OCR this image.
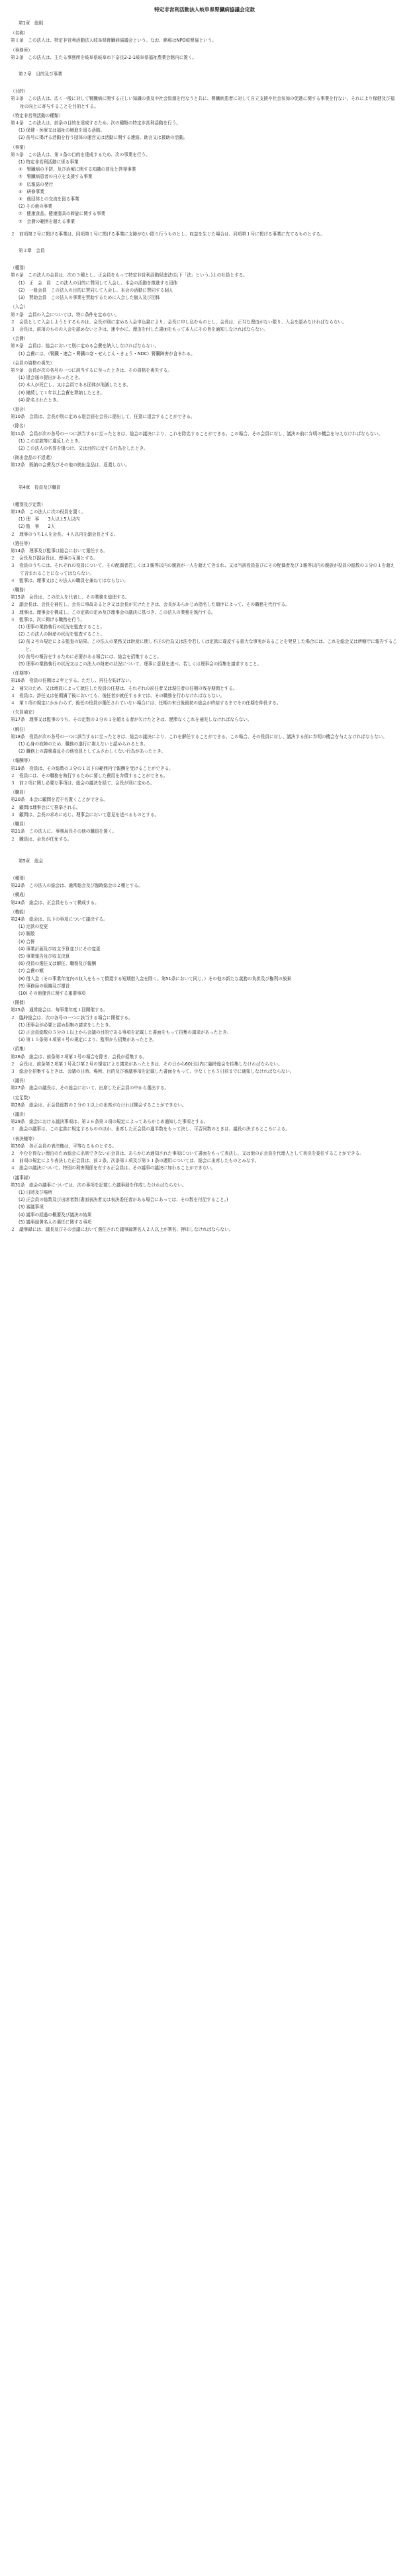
特定非営利活動法人岐阜県腎臓病協議会定款
第1章　総則
（名称）
第１条　この法人は、特定非営利活動法人岐阜県腎臓病協議会という。なお、略称はNPO岐腎協という。
（事務所）
第２条　この法人は、主たる事務所を岐阜県岐阜市下奈良2-2-1岐阜県福祉農業会館内に置く。
第２章　目的及び事業
（目的）
第３条　この法人は、広く一般に対して腎臓病に関する正しい知識の普及や社会資源を行なうと共に、腎臓病患者に対して自立支援や社会参加の促進に関する事業を行ない、それにより保健及び福祉の向上に寄与することを目的とする。
（特定非営利活動の種類）
第４条　この法人は、前条の目的を達成するため、次の種類の特定非営利活動を行う。
(1) 保健・医療又は福祉の増進を図る活動。
(2) 前号に掲げる活動を行う団体の運営又は活動に関する連絡、助言又は援助の活動。
（事業）
第５条　この法人は、第３条の目的を達成するため、次の事業を行う。
(1) 特定非営利活動に係る事業
①　腎臓病の予防、及び治療に関する知識の普及と啓発事業
②　腎臓病患者の自立を支援する事業
③　広報誌の発行
④　研修事業
⑤　他団体との交流を図る事業
(2) その他の事業
①　健康食品、健康器具の斡旋に関する事業
②　会費の範囲を超える事業
２　前項第２号に掲げる事業は、同項第１号に掲げる事業に支障がない限り行うものとし、収益を生じた場合は、同項第１号に掲げる事業に充てるものとする。
第３章　会員
（種別）
第６条　この法人の会員は、次の３種とし、正会員をもって特定非営利活動促進法(以下「法」という。)上の社員とする。
(1)　正　会　員　この法人の目的に賛同して入会し、本会の活動を推進する団体
(2)　一般会員　この法人の目的に賛同して入会し、本会の活動に賛同する個人
(3)　賛助会員　この法人の事業を賛助するために入会した個人及び団体
（入会）
第７条　会員の入会については、特に条件を定めない。
２　会員として入会しようとするものは、会長が別に定める入会申込書により、会長に申し込むものとし、会長は、正当な理由がない限り、入会を認めなければならない。
３　会長は、前項のものの入会を認めないときは、速やかに、理由を付した書面をもって本人にその旨を通知しなければならない。
（会費）
第８条　会員は、総会において別に定める会費を納入しなければならない。
(1) 会費には、（腎臓・連合・腎臓の窓・ぜんじん・きょう・NDC）腎臓障害が含まれる。
（会員の資格の喪失）
第９条　会員が次の各号の一つに該当するに至ったときは、その資格を喪失する。
(1) 退会届の提出があったとき。
(2) 本人が死亡し、又は会員である団体が消滅したとき。
(3) 継続して１年以上会費を滞納したとき。
(4) 除名されたとき。
（退会）
第10条　会員は、会長が別に定める退会届を会長に提出して、任意に退会することができる。
（除名）
第11条　会員が次の各号の一つに該当するに至ったときは、総会の議決により、これを除名することができる。この場合、その会員に対し、議決の前に弁明の機会を与えなければならない。
(1) この定款等に違反したとき。
(2) この法人の名誉を傷つけ、又は目的に反する行為をしたとき。
（拠出金品の不返還）
第12条　既納の会費及びその他の拠出金品は、返還しない。
第4章　役員及び職員
（種別及び定数）
第13条　この法人に次の役員を置く。
(1) 理　事　　3人以上5人以内
(2) 監　事　　2人
２　理事のうち1人を会長、４人以内を副会長とする。
（選任等）
第14条　理事及び監事は総会において選任する。
２　会長及び副会長は、理事の互選とする。
３　役員のうちには、それぞれの役員について、その配偶者若しくは３親等以内の親族が一人を超えて含まれ、又は当該役員並びにその配偶者及び３親等以内の親族が役員の総数の３分の１を超えて含まれることになってはならない。
４　監事は、理事又はこの法人の職員を兼ねてはならない。
（職務）
第15条　会長は、この法人を代表し、その業務を総理する。
２　副会長は、会長を補佐し、会長に事故あるとき又は会長が欠けたときは、会長があらかじめ指名した順序によって、その職務を代行する。
３　理事は、理事会を構成し、この定款の定め及び理事会の議決に基づき、この法人の業務を執行する。
４　監事は、次に掲げる職務を行う。
(1) 理事の業務執行の状況を監査すること。
(2) この法人の財産の状況を監査すること。
(3) 前２号の規定による監査の結果、この法人の業務又は財産に関し不正の行為又は法令若しくは定款に違反する重大な事実があることを発見した場合には、これを総会又は所轄庁に報告すること。
(4) 前号の報告をするために必要がある場合には、総会を招集すること。
(5) 理事の業務執行の状況又はこの法人の財産の状況について、理事に意見を述べ、若しくは理事会の招集を請求すること。
（任期等）
第16条　役員の任期は２年とする。ただし、再任を妨げない。
２　補欠のため、又は増員によって就任した役員の任期は、それぞれの前任者又は現任者の任期の残存期間とする。
３　役員は、辞任又は任期満了後においても、後任者が就任するまでは、その職務を行わなければならない。
４　第１項の規定にかかわらず、後任の役員が選任されていない場合には、任期の末日後最初の総会が終結するまでその任期を伸長する。
（欠員補充）
第17条　理事又は監事のうち、その定数の３分の１を超える者が欠けたときは、遅滞なくこれを補充しなければならない。
（解任）
第18条　役員が次の各号の一つに該当するに至ったときは、総会の議決により、これを解任することができる。この場合、その役員に対し、議決する前に弁明の機会を与えなければならない。
(1) 心身の故障のため、職務の遂行に堪えないと認められるとき。
(2) 職務上の義務違反その他役員としてふさわしくない行為があったとき。
（報酬等）
第19条　役員は、その総数の３分の１以下の範囲内で報酬を受けることができる。
２　役員には、その職務を執行するために要した費用を弁償することができる。
３　前２項に関し必要な事項は、総会の議決を経て、会長が別に定める。
（職員）
第20条　本会に顧問を若干名置くことができる。
２　顧問は理事会にて推挙される。
３　顧問は、会長の求めに応じ、理事会において意見を述べるものとする。
（職員）
第21条　この法人に、事務局長その他の職員を置く。
２　職員は、会長が任免する。
第5章　総会
（種別）
第22条　この法人の総会は、通常総会及び臨時総会の２種とする。
（構成）
第23条　総会は、正会員をもって構成する。
（権能）
第24条　総会は、以下の事項について議決する。
(1) 定款の変更
(2) 解散
(3) 合併
(4) 事業計画及び収支予算並びにその変更
(5) 事業報告及び収支決算
(6) 役員の選任又は解任、職務及び報酬
(7) 会費の額
(8) 借入金（その事業年度内の収入をもって償還する短期借入金を除く。第51条において同じ。）その他の新たな義務の負担及び権利の放棄
(9) 事務局の組織及び運営
(10) その他運営に関する重要事項
（開催）
第25条　通常総会は、毎事業年度１回開催する。
２　臨時総会は、次の各号の一つに該当する場合に開催する。
(1) 理事会が必要と認め招集の請求をしたとき。
(2) 正会員総数の５分の１以上から会議の目的である事項を記載した書面をもって招集の請求があったとき。
(3) 第１５条第４項第４号の規定により、監事から招集があったとき。
（招集）
第26条　総会は、前条第２項第３号の場合を除き、会長が招集する。
２　会長は、前条第２項第１号及び第２号の規定による請求があったときは、その日から60日以内に臨時総会を招集しなければならない。
３　総会を招集するときは、会議の日時、場所、目的及び審議事項を記載した書面をもって、少なくとも５日前までに通知しなければならない。
（議長）
第27条　総会の議長は、その総会において、出席した正会員の中から選出する。
（定足数）
第28条　総会は、正会員総数の２分の１以上の出席がなければ開会することができない。
（議決）
第29条　総会における議決事項は、第２６条第３項の規定によってあらかじめ通知した事項とする。
２　総会の議事は、この定款に規定するもののほか、出席した正会員の過半数をもって決し、可否同数のときは、議長の決するところによる。
（表決権等）
第30条　各正会員の表決権は、平等なるものとする。
２　やむを得ない理由のため総会に出席できない正会員は、あらかじめ通知された事項について書面をもって表決し、又は他の正会員を代理人として表決を委任することができる。
３　前項の規定により表決した正会員は、前２条、次条第１項及び第５１条の適用については、総会に出席したものとみなす。
４　総会の議決について、特別の利害関係を有する正会員は、その議事の議決に加わることができない。
（議事録）
第31条　総会の議事については、次の事項を記載した議事録を作成しなければならない。
(1) 日時及び場所
(2) 正会員の総数及び出席者数(書面表決者又は表決委任者がある場合にあっては、その数を付記すること。)
(3) 審議事項
(4) 議事の経過の概要及び議決の結果
(5) 議事録署名人の選任に関する事項
２　議事録には、議長及びその会議において選任された議事録署名人２人以上が署名、押印しなければならない。
